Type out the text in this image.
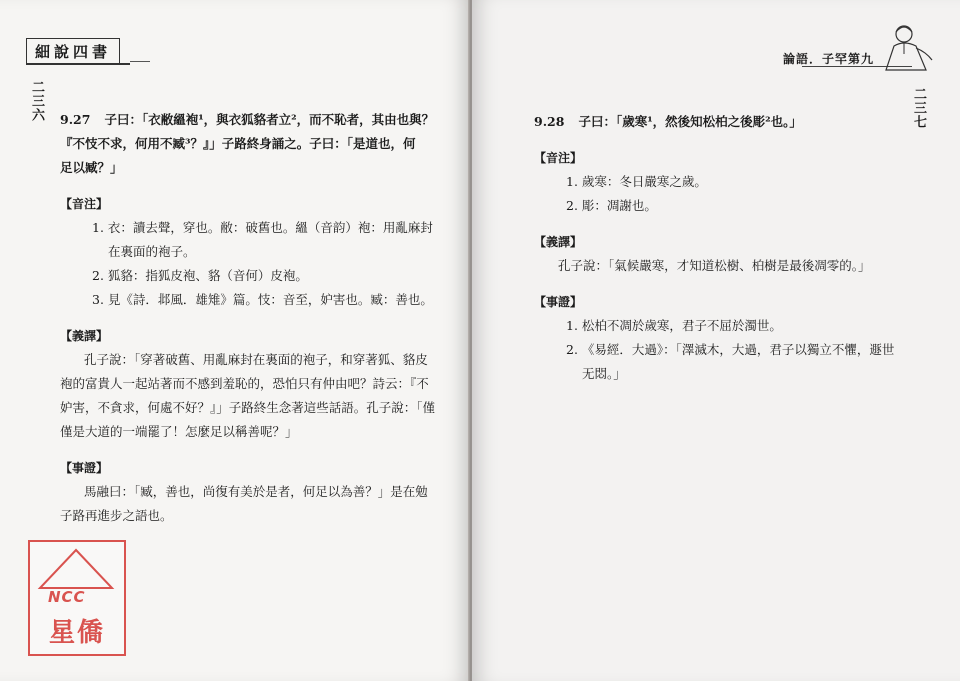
細說四書
二三六 9.27 子曰：「衣敝縕袍¹，與衣狐貉者立²，而不恥者，其由也與？
『不忮不求，何用不臧³？』」子路終身誦之。子曰：「是道也，何
足以臧？」
【音注】
1. 衣：讀去聲，穿也。敝：破舊也。縕（音韵）袍：用亂麻封在裏面的袍子。
2. 狐貉：指狐皮袍、貉（音何）皮袍。
3. 見《詩．邶風．雄雉》篇。忮：音至，妒害也。臧：善也。
【義譯】
孔子說：「穿著破舊、用亂麻封在裏面的袍子，和穿著狐、貉皮袍的富貴人一起站著而不感到羞恥的，恐怕只有仲由吧？詩云：『不妒害，不貪求，何處不好？』」子路終生念著這些話語。孔子說：「僅僅是大道的一端罷了！怎麼足以稱善呢？」
【事證】
馬融曰：「臧，善也，尚復有美於是者，何足以為善？」是在勉子路再進步之語也。
NCC
星僑
論語．子罕第九
二三七
9.28 子曰：「歲寒¹，然後知松柏之後彫²也。」
【音注】
1. 歲寒：冬日嚴寒之歲。
2. 彫：凋謝也。
【義譯】
孔子說：「氣候嚴寒，才知道松樹、柏樹是最後凋零的。」
【事證】
1. 松柏不凋於歲寒，君子不屈於濁世。
2. 《易經．大過》：「澤滅木，大過，君子以獨立不懼，遯世无悶。」
